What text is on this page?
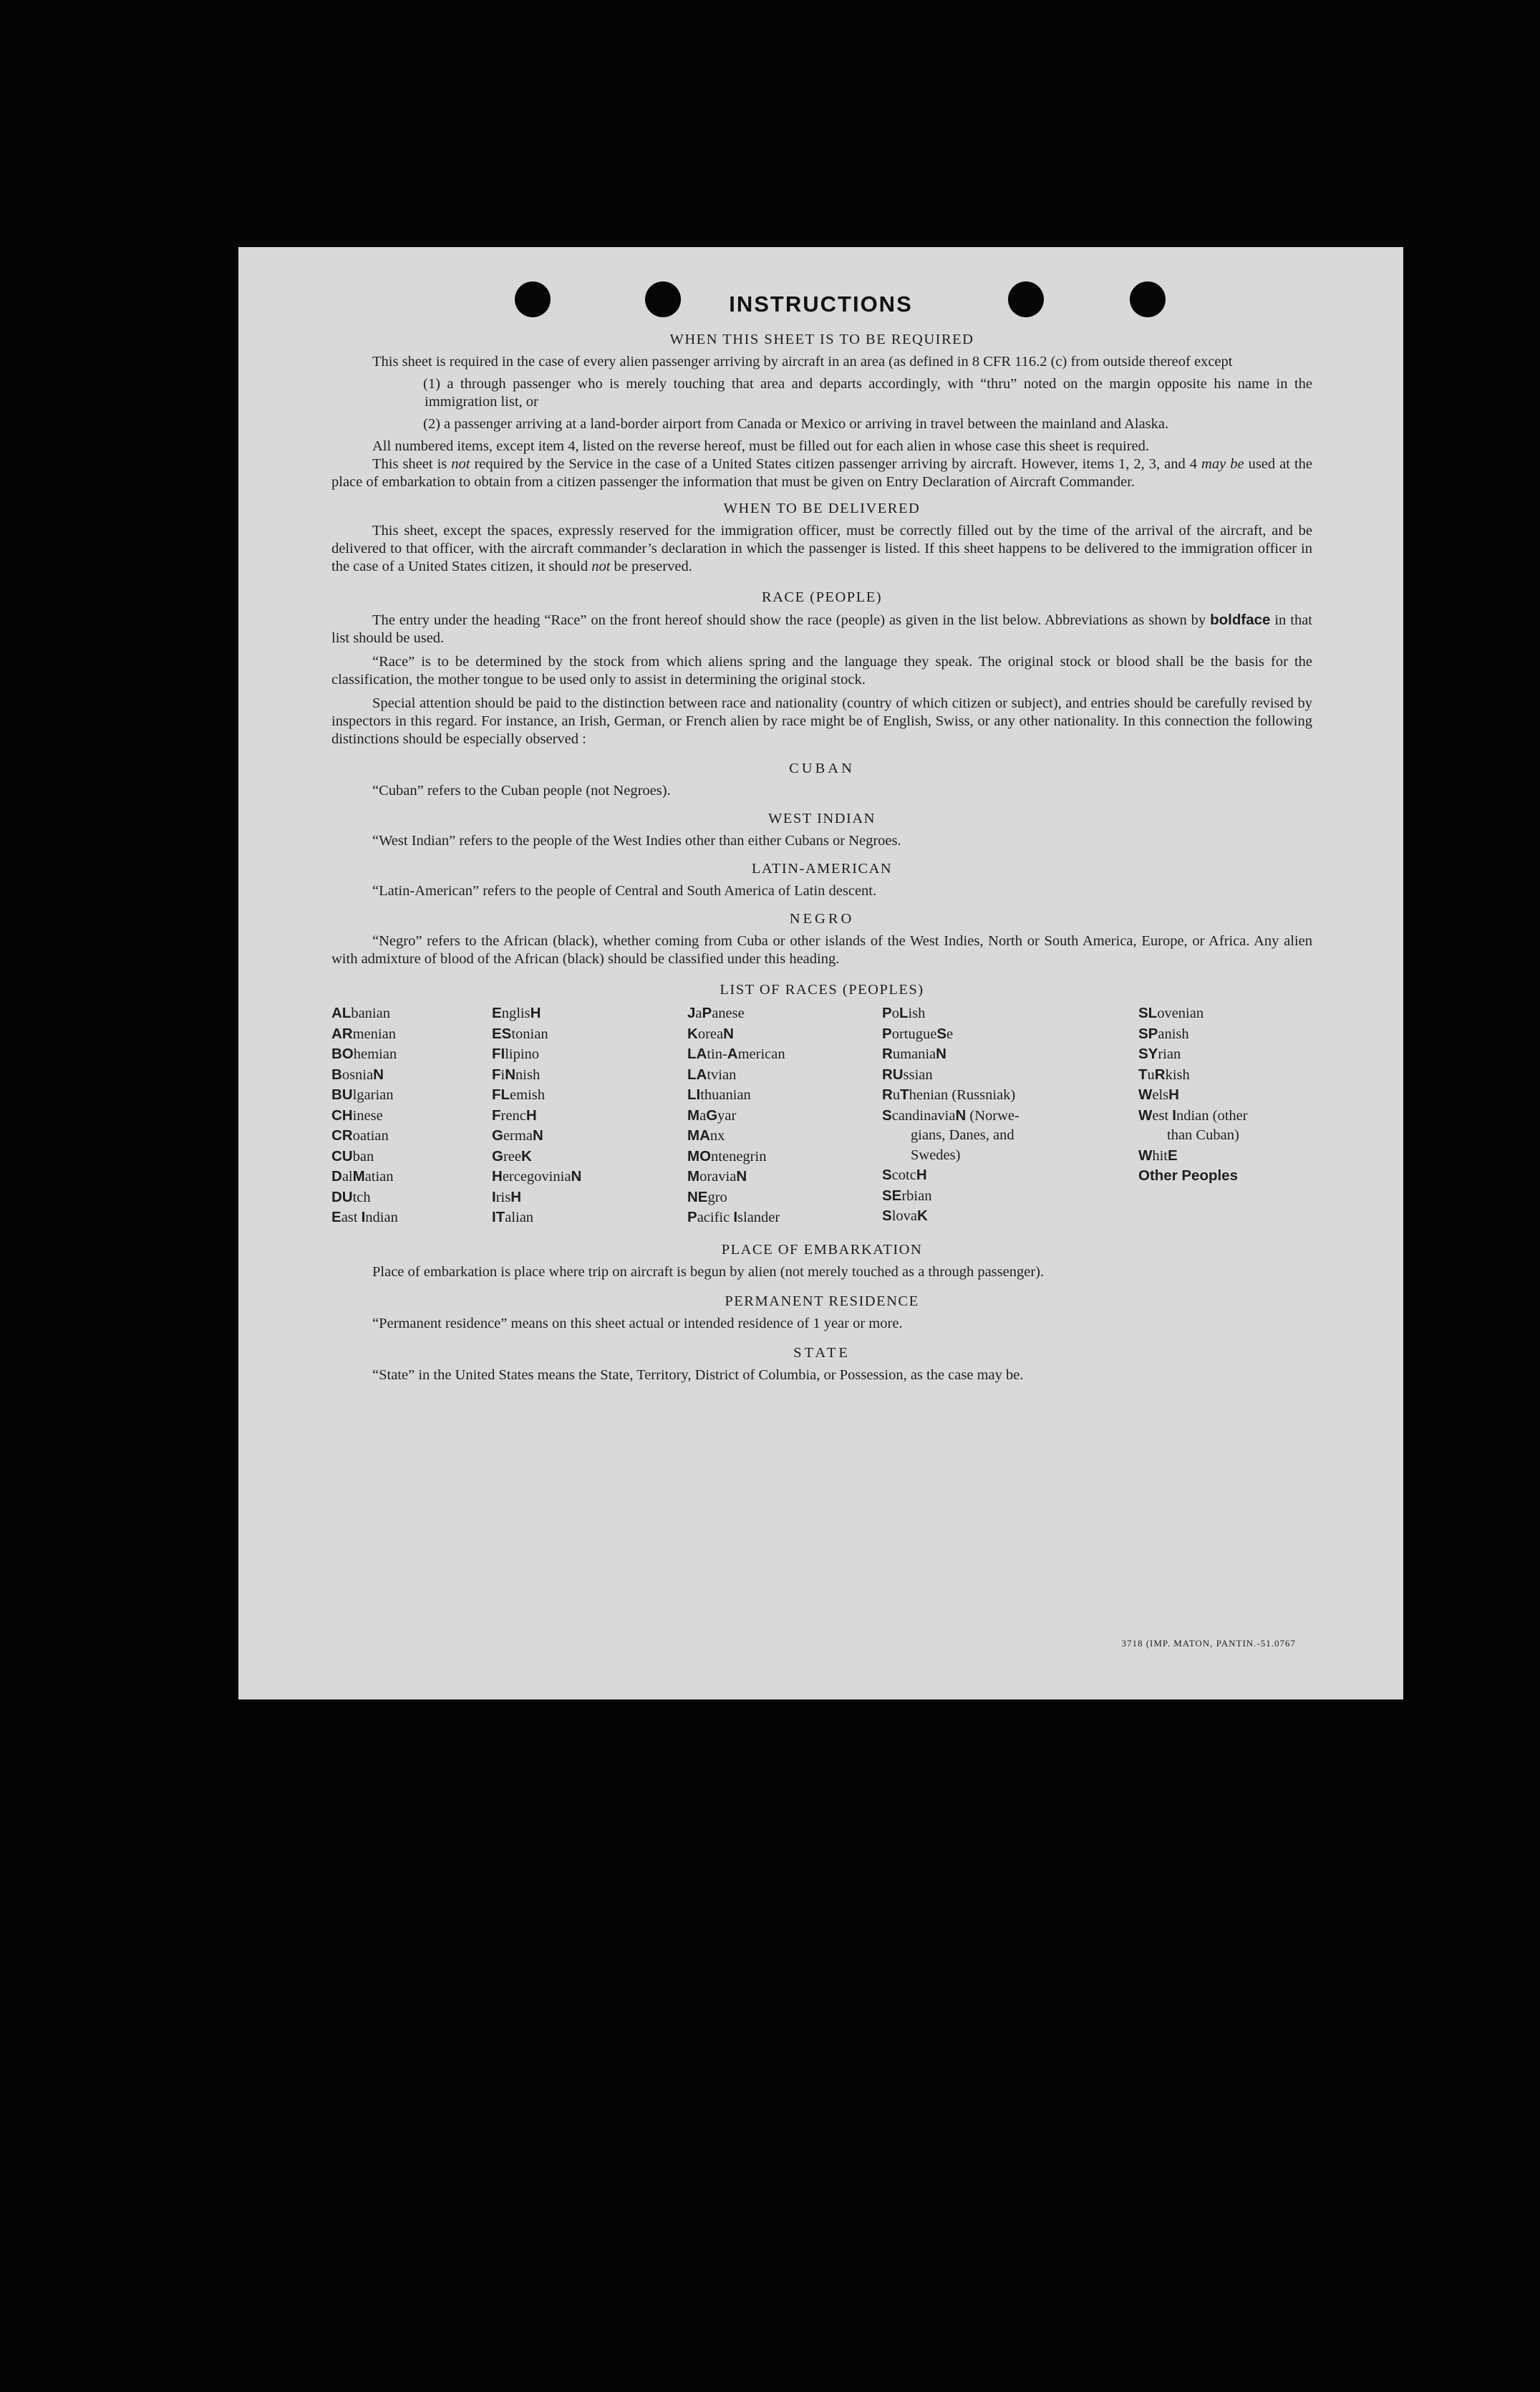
INSTRUCTIONS
WHEN THIS SHEET IS TO BE REQUIRED

This sheet is required in the case of every alien passenger arriving by aircraft in an area (as defined in 8 CFR 116.2 (c) from outside thereof except

(1) a through passenger who is merely touching that area and departs accordingly, with “thru” noted on the margin opposite his name in the immigration list, or

(2) a passenger arriving at a land-border airport from Canada or Mexico or arriving in travel between the mainland and Alaska.

All numbered items, except item 4, listed on the reverse hereof, must be filled out for each alien in whose case this sheet is required.

This sheet is not required by the Service in the case of a United States citizen passenger arriving by aircraft. However, items 1, 2, 3, and 4 may be used at the place of embarkation to obtain from a citizen passenger the information that must be given on Entry Declaration of Aircraft Commander.

WHEN TO BE DELIVERED

This sheet, except the spaces, expressly reserved for the immigration officer, must be correctly filled out by the time of the arrival of the aircraft, and be delivered to that officer, with the aircraft commander’s declaration in which the passenger is listed. If this sheet happens to be delivered to the immigration officer in the case of a United States citizen, it should not be preserved.

RACE (PEOPLE)

The entry under the heading “Race” on the front hereof should show the race (people) as given in the list below. Abbreviations as shown by boldface in that list should be used.

“Race” is to be determined by the stock from which aliens spring and the language they speak. The original stock or blood shall be the basis for the classification, the mother tongue to be used only to assist in determining the original stock.

Special attention should be paid to the distinction between race and nationality (country of which citizen or subject), and entries should be carefully revised by inspectors in this regard. For instance, an Irish, German, or French alien by race might be of English, Swiss, or any other nationality. In this connection the following distinctions should be especially observed :

CUBAN

“Cuban” refers to the Cuban people (not Negroes).

WEST INDIAN

“West Indian” refers to the people of the West Indies other than either Cubans or Negroes.

LATIN-AMERICAN

“Latin-American” refers to the people of Central and South America of Latin descent.

NEGRO

“Negro” refers to the African (black), whether coming from Cuba or other islands of the West Indies, North or South America, Europe, or Africa. Any alien with admixture of blood of the African (black) should be classified under this heading.

LIST OF RACES (PEOPLES)
ALbanian
ARmenian
BOhemian
BosniaN
BUlgarian
CHinese
CRoatian
CUban
DalMatian
DUtch
East Indian
EnglisH
EStonian
FIlipino
FiNnish
FLemish
FrencH
GermaN
GreeK
HercegoviniaN
IrisH
ITalian
JaPanese
KoreaN
LAtin-American
LAtvian
LIthuanian
MaGyar
MAnx
MOntenegrin
MoraviaN
NEgro
Pacific Islander
PoLish
PortugueSe
RumaniaN
RUssian
RuThenian (Russniak)
ScandinaviaN (Norwe-
gians, Danes, and
Swedes)
ScotcH
SErbian
SlovaK
SLovenian
SPanish
SYrian
TuRkish
WelsH
West Indian (other
than Cuban)
WhitE
Other Peoples
PLACE OF EMBARKATION

Place of embarkation is place where trip on aircraft is begun by alien (not merely touched as a through passenger).

PERMANENT RESIDENCE

“Permanent residence” means on this sheet actual or intended residence of 1 year or more.

STATE

“State” in the United States means the State, Territory, District of Columbia, or Possession, as the case may be.

3718 (IMP. MATON, PANTIN.-51.0767
